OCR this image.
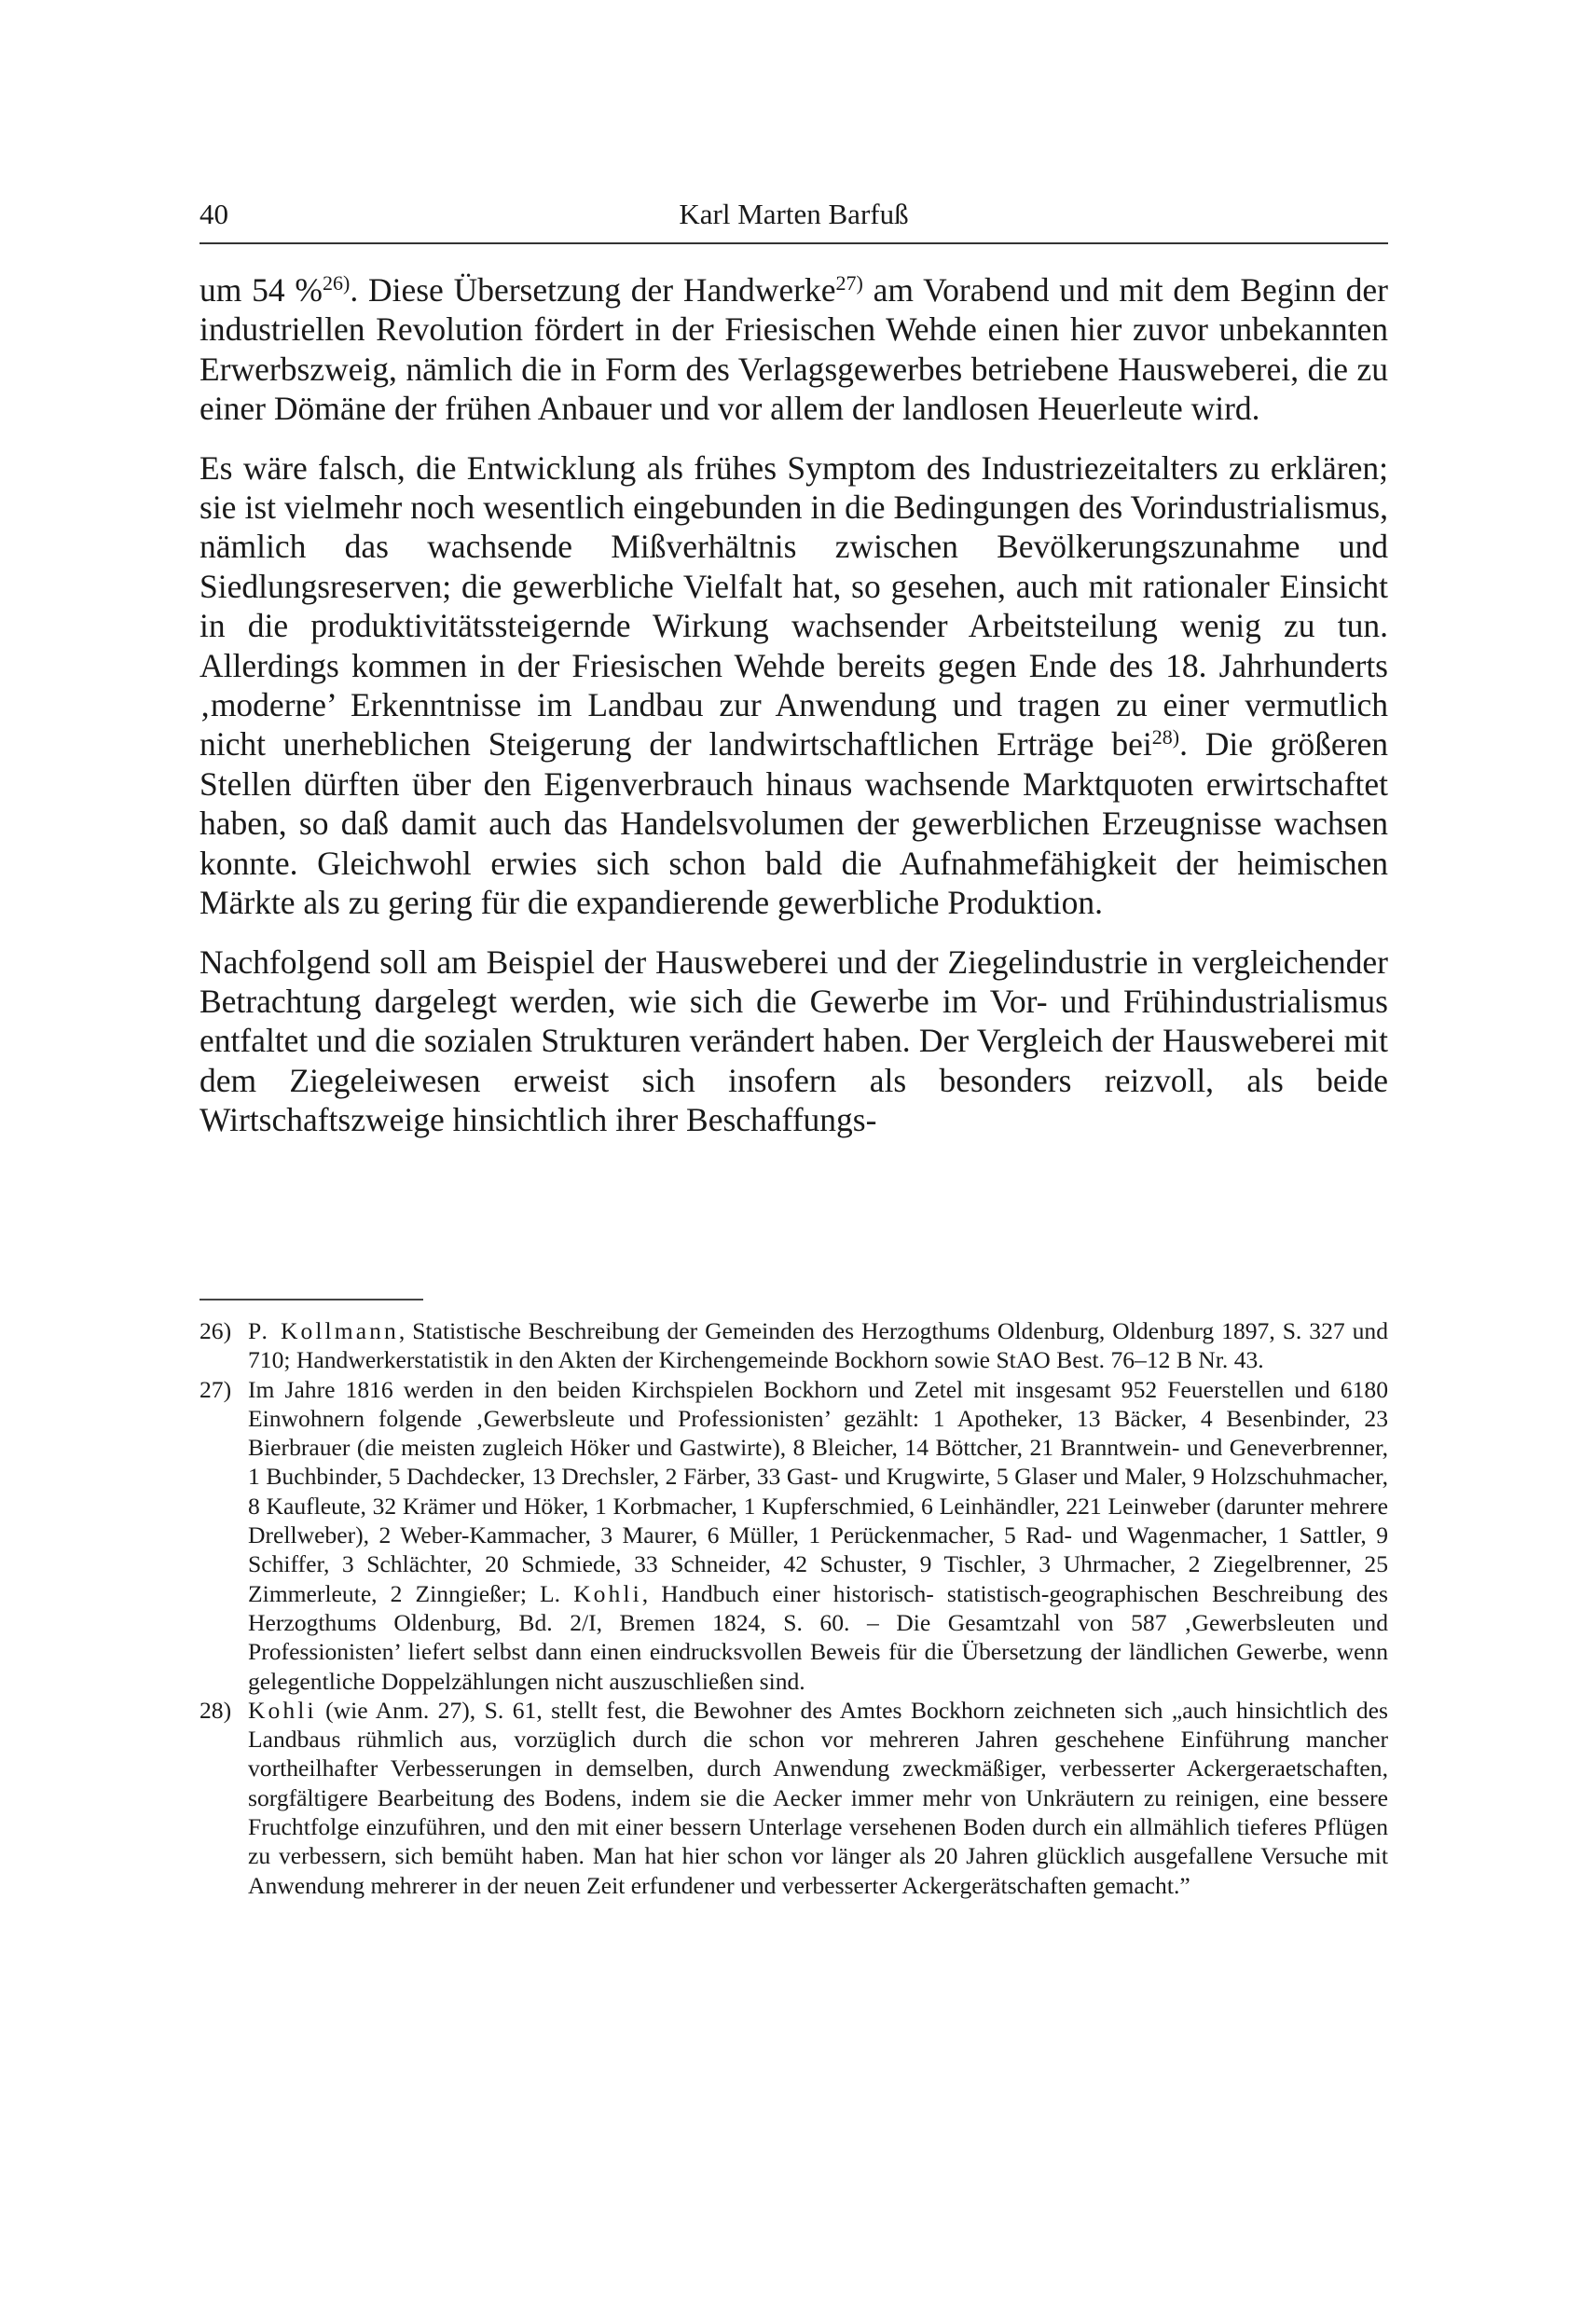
40	Karl Marten Barfuß

um 54 %$^{26)}$. Diese Übersetzung der Handwerke$^{27)}$ am Vorabend und mit dem Beginn der industriellen Revolution fördert in der Friesischen Wehde einen hier zuvor unbekannten Erwerbszweig, nämlich die in Form des Verlagsgewerbes betriebene Hausweberei, die zu einer Dömäne der frühen Anbauer und vor allem der landlosen Heuerleute wird.

Es wäre falsch, die Entwicklung als frühes Symptom des Industriezeitalters zu erklären; sie ist vielmehr noch wesentlich eingebunden in die Bedingungen des Vorindustrialismus, nämlich das wachsende Mißverhältnis zwischen Bevölkerungszunahme und Siedlungsreserven; die gewerbliche Vielfalt hat, so gesehen, auch mit rationaler Einsicht in die produktivitätssteigernde Wirkung wachsender Arbeitsteilung wenig zu tun. Allerdings kommen in der Friesischen Wehde bereits gegen Ende des 18. Jahrhunderts ‚moderne’ Erkenntnisse im Landbau zur Anwendung und tragen zu einer vermutlich nicht unerheblichen Steigerung der landwirtschaftlichen Erträge bei$^{28)}$. Die größeren Stellen dürften über den Eigenverbrauch hinaus wachsende Marktquoten erwirtschaftet haben, so daß damit auch das Handelsvolumen der gewerblichen Erzeugnisse wachsen konnte. Gleichwohl erwies sich schon bald die Aufnahmefähigkeit der heimischen Märkte als zu gering für die expandierende gewerbliche Produktion.

Nachfolgend soll am Beispiel der Hausweberei und der Ziegelindustrie in vergleichender Betrachtung dargelegt werden, wie sich die Gewerbe im Vor- und Frühindustrialismus entfaltet und die sozialen Strukturen verändert haben. Der Vergleich der Hausweberei mit dem Ziegeleiwesen erweist sich insofern als besonders reizvoll, als beide Wirtschaftszweige hinsichtlich ihrer Beschaffungs-

26) P. Kollmann, Statistische Beschreibung der Gemeinden des Herzogthums Oldenburg, Oldenburg 1897, S. 327 und 710; Handwerkerstatistik in den Akten der Kirchengemeinde Bockhorn sowie StAO Best. 76–12 B Nr. 43.

27) Im Jahre 1816 werden in den beiden Kirchspielen Bockhorn und Zetel mit insgesamt 952 Feuerstellen und 6180 Einwohnern folgende ‚Gewerbsleute und Professionisten’ gezählt: 1 Apotheker, 13 Bäcker, 4 Besenbinder, 23 Bierbrauer (die meisten zugleich Höker und Gastwirte), 8 Bleicher, 14 Böttcher, 21 Branntwein- und Geneverbrenner, 1 Buchbinder, 5 Dachdecker, 13 Drechsler, 2 Färber, 33 Gast- und Krugwirte, 5 Glaser und Maler, 9 Holzschuhmacher, 8 Kaufleute, 32 Krämer und Höker, 1 Korbmacher, 1 Kupferschmied, 6 Leinhändler, 221 Leinweber (darunter mehrere Drellweber), 2 Weber-Kammacher, 3 Maurer, 6 Müller, 1 Perückenmacher, 5 Rad- und Wagenmacher, 1 Sattler, 9 Schiffer, 3 Schlächter, 20 Schmiede, 33 Schneider, 42 Schuster, 9 Tischler, 3 Uhrmacher, 2 Ziegelbrenner, 25 Zimmerleute, 2 Zinngießer; L. Kohli, Handbuch einer historisch- statistisch-geographischen Beschreibung des Herzogthums Oldenburg, Bd. 2/I, Bremen 1824, S. 60. – Die Gesamtzahl von 587 ‚Gewerbsleuten und Professionisten’ liefert selbst dann einen eindrucksvollen Beweis für die Übersetzung der ländlichen Gewerbe, wenn gelegentliche Doppelzählungen nicht auszuschließen sind.

28) Kohli (wie Anm. 27), S. 61, stellt fest, die Bewohner des Amtes Bockhorn zeichneten sich „auch hinsichtlich des Landbaus rühmlich aus, vorzüglich durch die schon vor mehreren Jahren geschehene Einführung mancher vortheilhafter Verbesserungen in demselben, durch Anwendung zweckmäßiger, verbesserter Ackergeraetschaften, sorgfältigere Bearbeitung des Bodens, indem sie die Aecker immer mehr von Unkräutern zu reinigen, eine bessere Fruchtfolge einzuführen, und den mit einer bessern Unterlage versehenen Boden durch ein allmählich tieferes Pflügen zu verbessern, sich bemüht haben. Man hat hier schon vor länger als 20 Jahren glücklich ausgefallene Versuche mit Anwendung mehrerer in der neuen Zeit erfundener und verbesserter Ackergerätschaften gemacht.”
